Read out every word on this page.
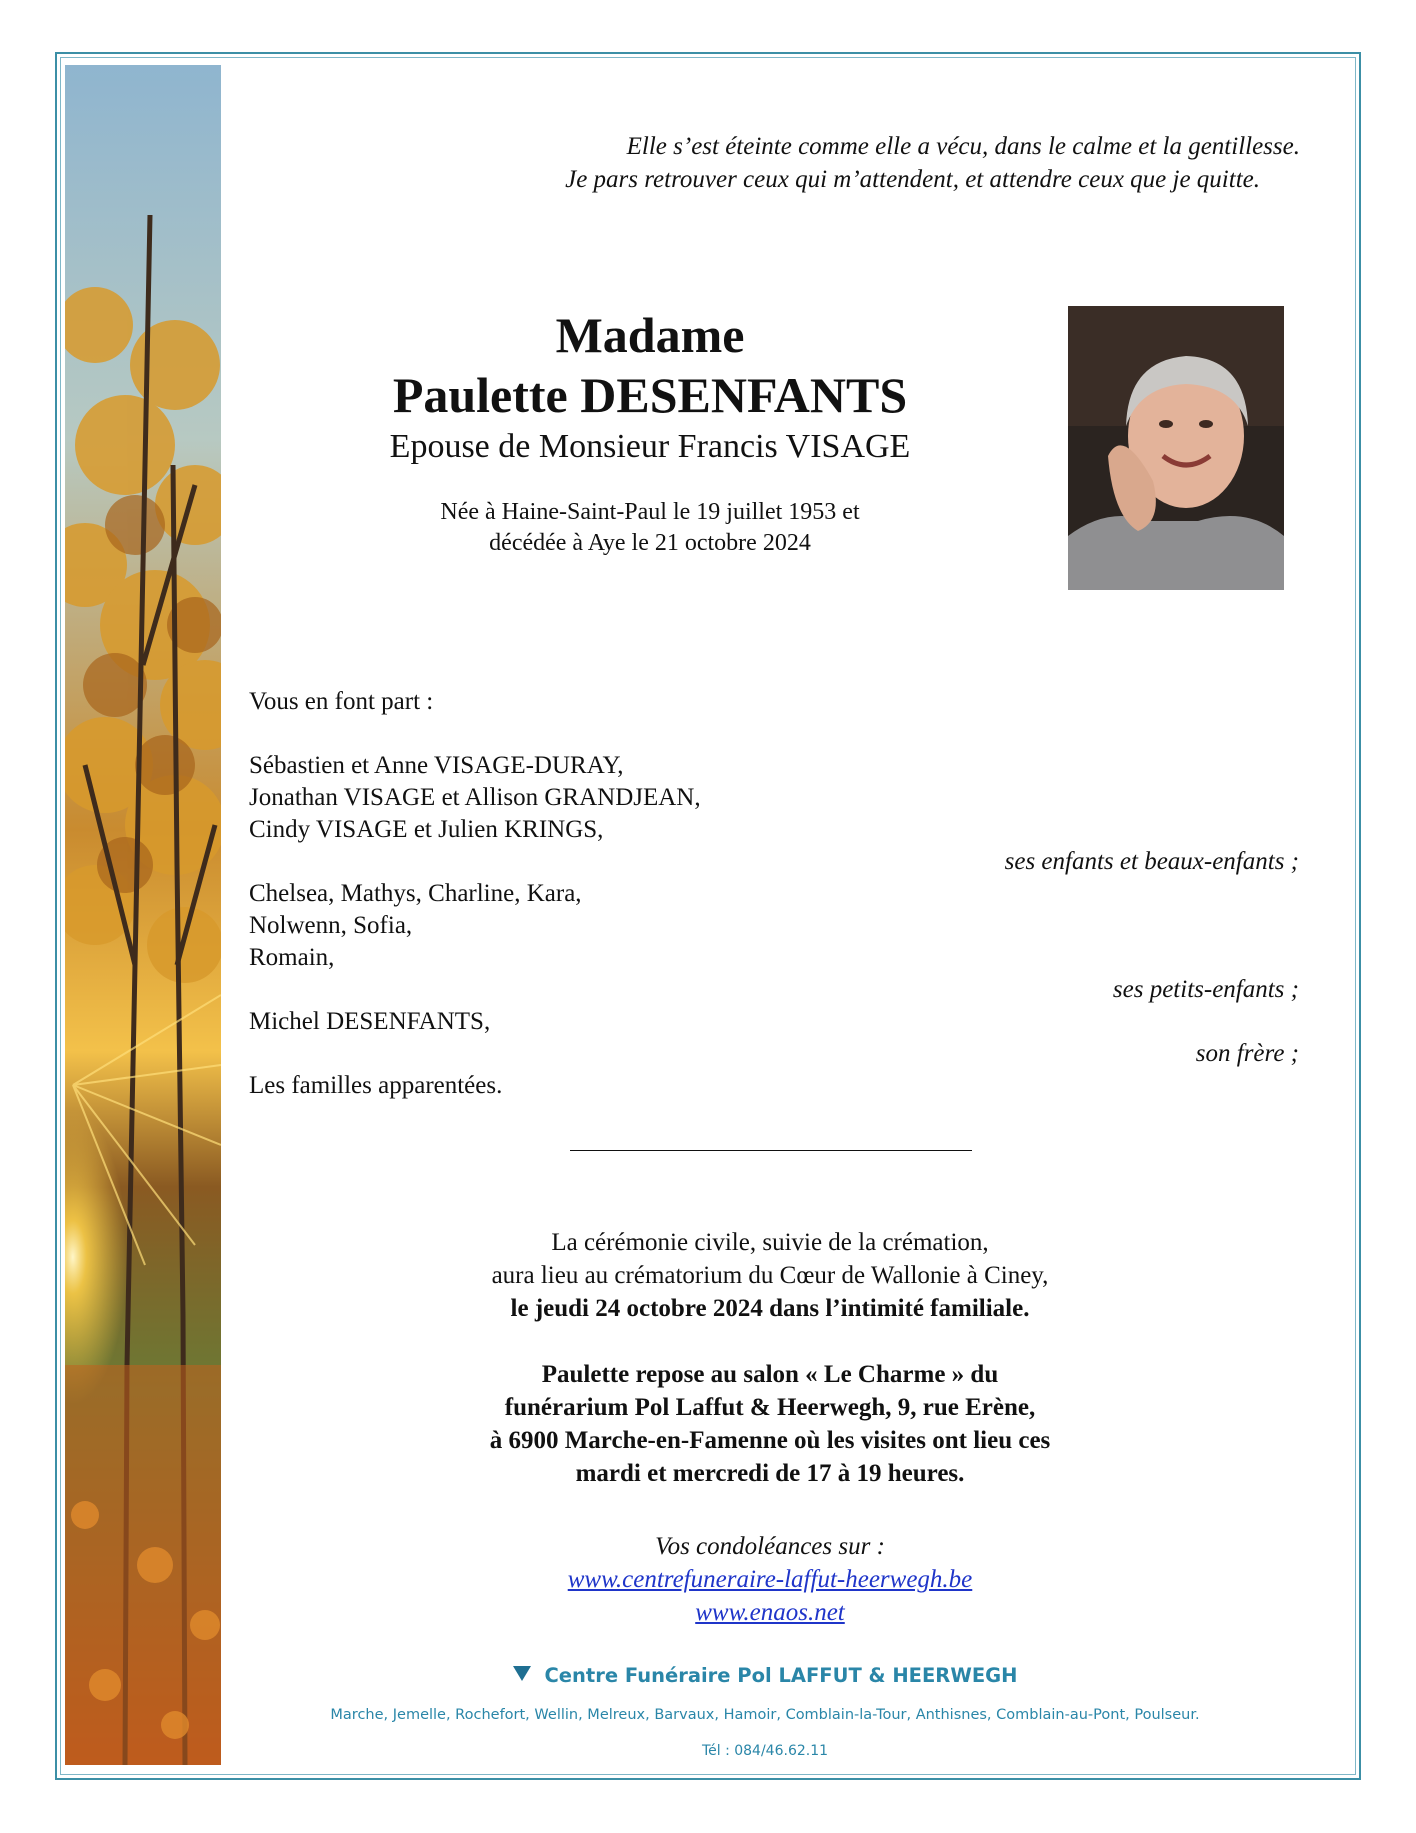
Elle s’est éteinte comme elle a vécu, dans le calme et la gentillesse.
Je pars retrouver ceux qui m’attendent, et attendre ceux que je quitte.
Madame
Paulette DESENFANTS
Epouse de Monsieur Francis VISAGE
Née à Haine-Saint-Paul le 19 juillet 1953 et
décédée à Aye le 21 octobre 2024
Vous en font part :
Sébastien et Anne VISAGE-DURAY,
Jonathan VISAGE et Allison GRANDJEAN,
Cindy VISAGE et Julien KRINGS,
ses enfants et beaux-enfants ;
Chelsea, Mathys, Charline, Kara,
Nolwenn, Sofia,
Romain,
ses petits-enfants ;
Michel DESENFANTS,
son frère ;
Les familles apparentées.
La cérémonie civile, suivie de la crémation,
aura lieu au crématorium du Cœur de Wallonie à Ciney,
le jeudi 24 octobre 2024 dans l’intimité familiale.
Paulette repose au salon « Le Charme » du
funérarium Pol Laffut & Heerwegh, 9, rue Erène,
à 6900 Marche-en-Famenne où les visites ont lieu ces
mardi et mercredi de 17 à 19 heures.
Vos condoléances sur :
www.centrefuneraire-laffut-heerwegh.be
www.enaos.net
Centre Funéraire Pol LAFFUT & HEERWEGH
Marche, Jemelle, Rochefort, Wellin, Melreux, Barvaux, Hamoir, Comblain-la-Tour, Anthisnes, Comblain-au-Pont, Poulseur.
Tél : 084/46.62.11
